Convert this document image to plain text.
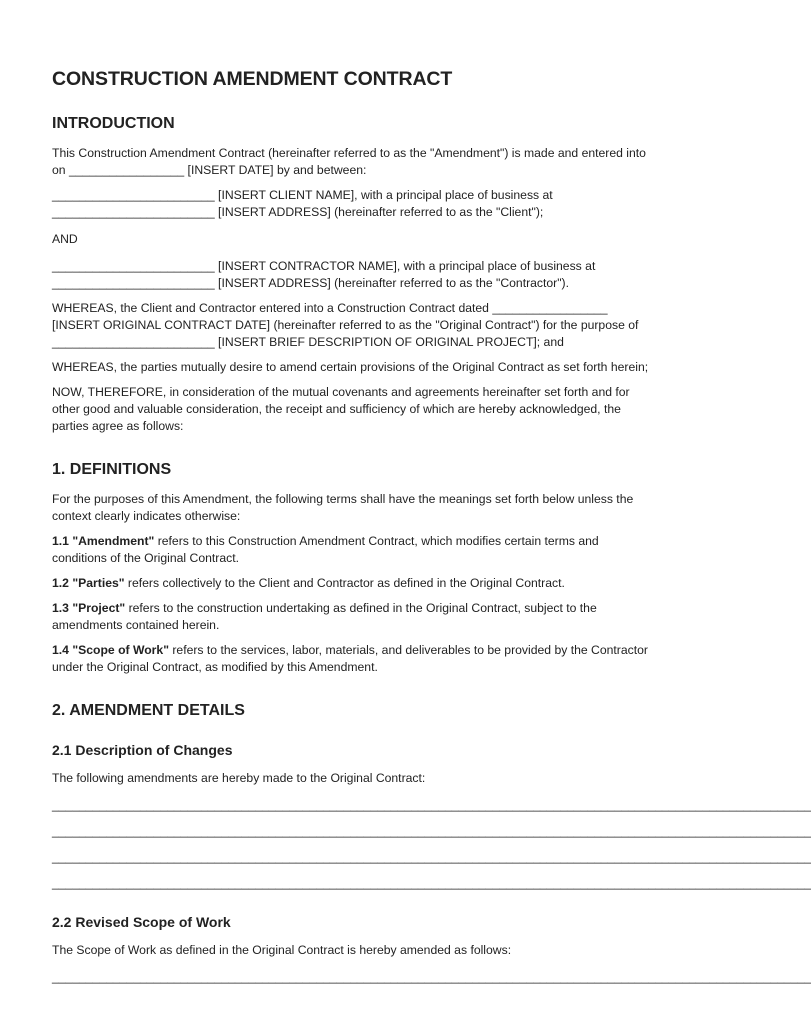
CONSTRUCTION AMENDMENT CONTRACT
INTRODUCTION

This Construction Amendment Contract (hereinafter referred to as the "Amendment") is made and entered into
on _________________ [INSERT DATE] by and between:

________________________ [INSERT CLIENT NAME], with a principal place of business at
________________________ [INSERT ADDRESS] (hereinafter referred to as the "Client");

AND

________________________ [INSERT CONTRACTOR NAME], with a principal place of business at
________________________ [INSERT ADDRESS] (hereinafter referred to as the "Contractor").

WHEREAS, the Client and Contractor entered into a Construction Contract dated _________________
[INSERT ORIGINAL CONTRACT DATE] (hereinafter referred to as the "Original Contract") for the purpose of
________________________ [INSERT BRIEF DESCRIPTION OF ORIGINAL PROJECT]; and

WHEREAS, the parties mutually desire to amend certain provisions of the Original Contract as set forth herein;

NOW, THEREFORE, in consideration of the mutual covenants and agreements hereinafter set forth and for
other good and valuable consideration, the receipt and sufficiency of which are hereby acknowledged, the
parties agree as follows:

1. DEFINITIONS

For the purposes of this Amendment, the following terms shall have the meanings set forth below unless the
context clearly indicates otherwise:

1.1 "Amendment" refers to this Construction Amendment Contract, which modifies certain terms and
conditions of the Original Contract.

1.2 "Parties" refers collectively to the Client and Contractor as defined in the Original Contract.

1.3 "Project" refers to the construction undertaking as defined in the Original Contract, subject to the
amendments contained herein.

1.4 "Scope of Work" refers to the services, labor, materials, and deliverables to be provided by the Contractor
under the Original Contract, as modified by this Amendment.

2. AMENDMENT DETAILS
2.1 Description of Changes

The following amendments are hereby made to the Original Contract:

________________________________________________________________________________________________________________
________________________________________________________________________________________________________________
________________________________________________________________________________________________________________
________________________________________________________________________________________________________________
2.2 Revised Scope of Work

The Scope of Work as defined in the Original Contract is hereby amended as follows:

________________________________________________________________________________________________________________
